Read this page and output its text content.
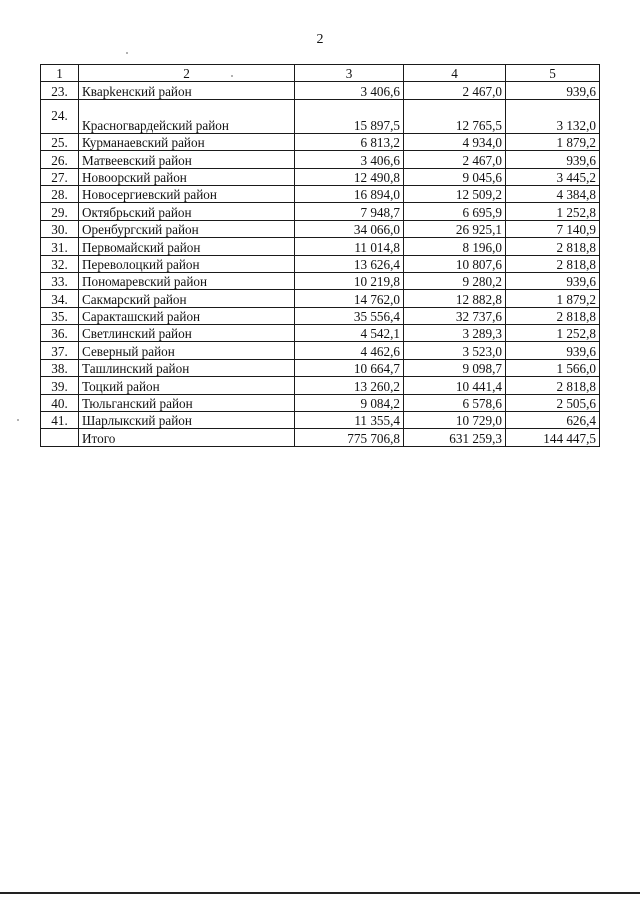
2
1	2	3	4	5
23.	Кварkенский район	3 406,6	2 467,0	939,6
24.	Красногвардейский район	15 897,5	12 765,5	3 132,0
25.	Курманаевский район	6 813,2	4 934,0	1 879,2
26.	Матвеевский район	3 406,6	2 467,0	939,6
27.	Новоорский район	12 490,8	9 045,6	3 445,2
28.	Новосергиевский район	16 894,0	12 509,2	4 384,8
29.	Октябрьский район	7 948,7	6 695,9	1 252,8
30.	Оренбургский район	34 066,0	26 925,1	7 140,9
31.	Первомайский район	11 014,8	8 196,0	2 818,8
32.	Переволоцкий район	13 626,4	10 807,6	2 818,8
33.	Пономаревский район	10 219,8	9 280,2	939,6
34.	Сакмарский район	14 762,0	12 882,8	1 879,2
35.	Саракташский район	35 556,4	32 737,6	2 818,8
36.	Светлинский район	4 542,1	3 289,3	1 252,8
37.	Северный район	4 462,6	3 523,0	939,6
38.	Ташлинский район	10 664,7	9 098,7	1 566,0
39.	Тоцкий район	13 260,2	10 441,4	2 818,8
40.	Тюльганский район	9 084,2	6 578,6	2 505,6
41.	Шарлыкский район	11 355,4	10 729,0	626,4
	Итого	775 706,8	631 259,3	144 447,5
